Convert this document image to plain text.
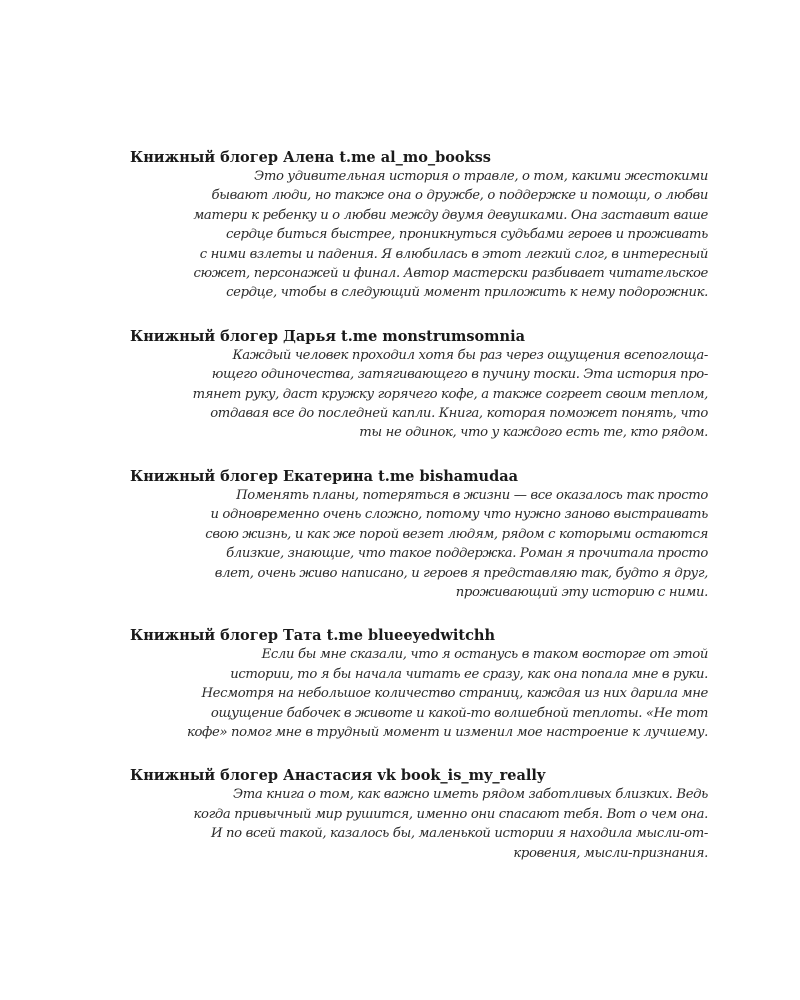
Книжный блогер Алена t.me al_mo_bookss
Это удивительная история о травле, о том, какими жестокими
бывают люди, но также она о дружбе, о поддержке и помощи, о любви
матери к ребенку и о любви между двумя девушками. Она заставит ваше
сердце биться быстрее, проникнуться судьбами героев и проживать
с ними взлеты и падения. Я влюбилась в этот легкий слог, в интересный
сюжет, персонажей и финал. Автор мастерски разбивает читательское
сердце, чтобы в следующий момент приложить к нему подорожник.
Книжный блогер Дарья t.me monstrumsomnia
Каждый человек проходил хотя бы раз через ощущения всепоглоща-
ющего одиночества, затягивающего в пучину тоски. Эта история про-
тянет руку, даст кружку горячего кофе, а также согреет своим теплом,
отдавая все до последней капли. Книга, которая поможет понять, что
ты не одинок, что у каждого есть те, кто рядом.
Книжный блогер Екатерина t.me bishamudaa
Поменять планы, потеряться в жизни — все оказалось так просто
и одновременно очень сложно, потому что нужно заново выстраивать
свою жизнь, и как же порой везет людям, рядом с которыми остаются
близкие, знающие, что такое поддержка. Роман я прочитала просто
влет, очень живо написано, и героев я представляю так, будто я друг,
проживающий эту историю с ними.
Книжный блогер Тата t.me blueeyedwitchh
Если бы мне сказали, что я останусь в таком восторге от этой
истории, то я бы начала читать ее сразу, как она попала мне в руки.
Несмотря на небольшое количество страниц, каждая из них дарила мне
ощущение бабочек в животе и какой-то волшебной теплоты. «Не тот
кофе» помог мне в трудный момент и изменил мое настроение к лучшему.
Книжный блогер Анастасия vk book_is_my_really
Эта книга о том, как важно иметь рядом заботливых близких. Ведь
когда привычный мир рушится, именно они спасают тебя. Вот о чем она.
И по всей такой, казалось бы, маленькой истории я находила мысли-от-
кровения, мысли-признания.
